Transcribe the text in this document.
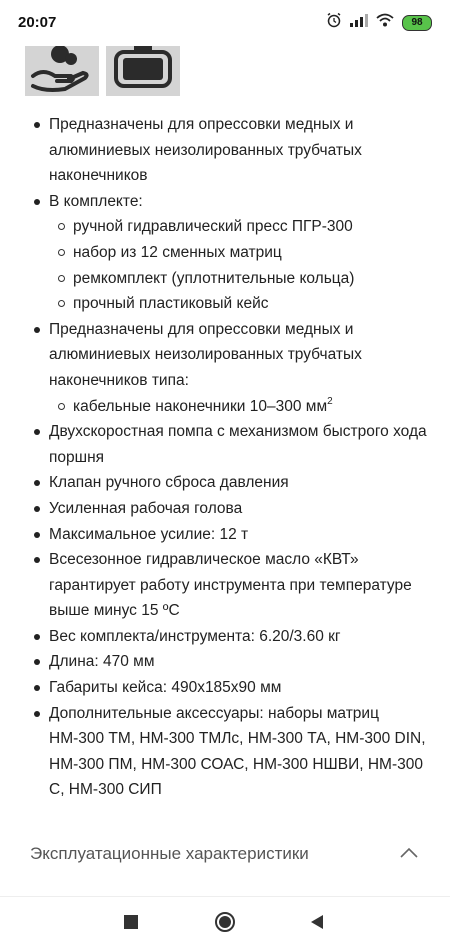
20:07	98
Предназначены для опрессовки медных и алюминиевых неизолированных трубчатых наконечников
В комплекте:
ручной гидравлический пресс ПГР-300
набор из 12 сменных матриц
ремкомплект (уплотнительные кольца)
прочный пластиковый кейс
Предназначены для опрессовки медных и алюминиевых неизолированных трубчатых наконечников типа:
кабельные наконечники 10–300 $мм^2$
Двухскоростная помпа с механизмом быстрого хода поршня
Клапан ручного сброса давления
Усиленная рабочая голова
Максимальное усилие: 12 т
Всесезонное гидравлическое масло «КВТ» гарантирует работу инструмента при температуре выше минус 15 ºС
Вес комплекта/инструмента: 6.20/3.60 кг
Длина: 470 мм
Габариты кейса: 490х185х90 мм
Дополнительные аксессуары: наборы матриц НМ-300 ТМ, НМ-300 ТМЛс, НМ-300 ТА, НМ-300 DIN, НМ-300 ПМ, НМ-300 СОАС, НМ-300 НШВИ, НМ-300 С, НМ-300 СИП
Эксплуатационные характеристики
